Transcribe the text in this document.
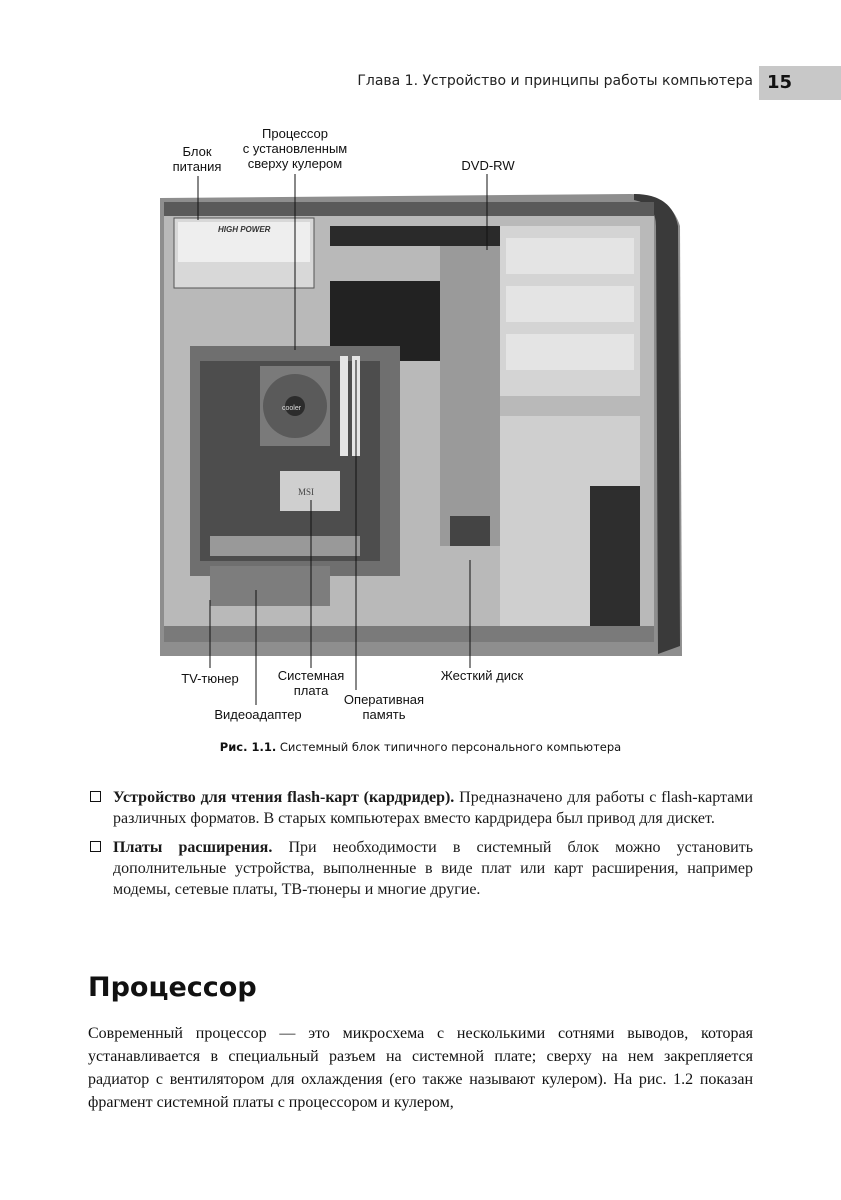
Глава 1. Устройство и принципы работы компьютера 15
Блок
питания
Процессор
с установленным
сверху кулером	DVD-RW
HIGH POWER
cooler
MSI
TV-тюнер	Системная
плата
Видеоадаптер
Оперативная
память
Жесткий диск
Рис. 1.1. Системный блок типичного персонального компьютера
Устройство для чтения flash-карт (кардридер). Предназначено для работы с flash-картами различных форматов. В старых компьютерах вместо кардридера был привод для дискет.
Платы расширения. При необходимости в системный блок можно установить дополнительные устройства, выполненные в виде плат или карт расширения, например модемы, сетевые платы, ТВ-тюнеры и многие другие.
Процессор
Современный процессор — это микросхема с несколькими сотнями выводов, которая устанавливается в специальный разъем на системной плате; сверху на нем закрепляется радиатор с вентилятором для охлаждения (его также называют кулером). На рис. 1.2 показан фрагмент системной платы с процессором и кулером,
